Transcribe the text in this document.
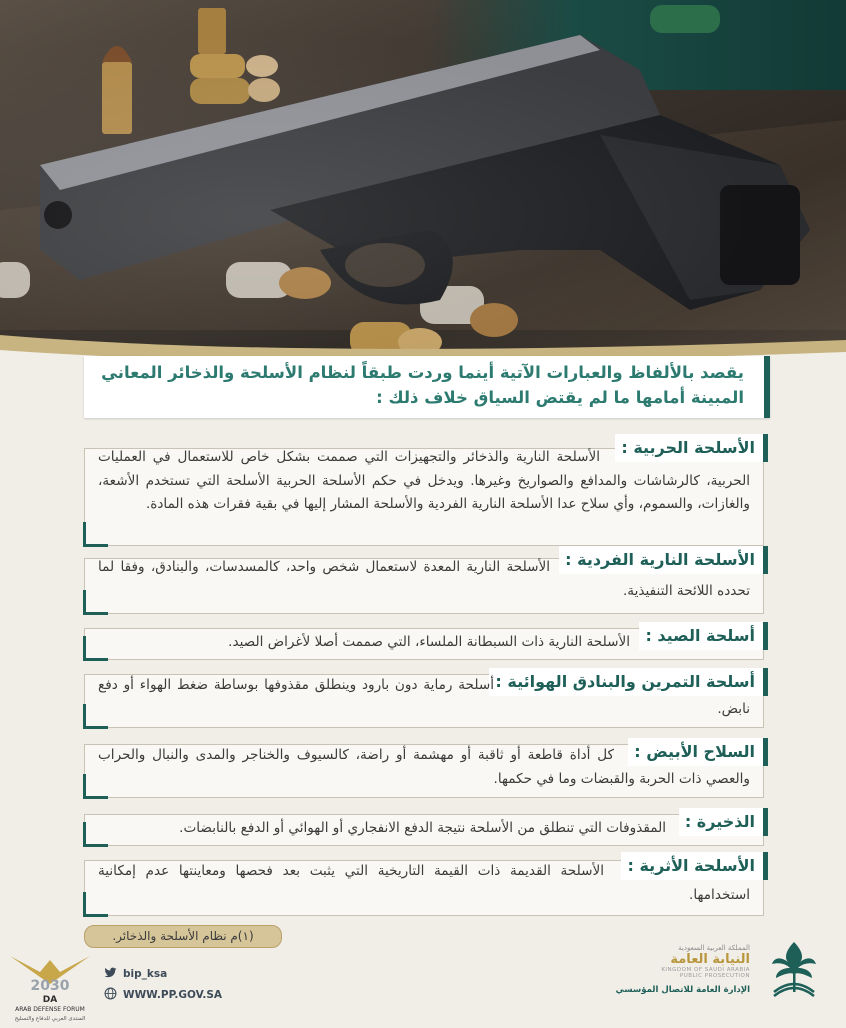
يقصد بالألفاظ والعبارات الآتية أينما وردت طبقاً لنظام الأسلحة والذخائر المعاني
المبينة أمامها ما لم يقتض السياق خلاف ذلك :
الأسلحة الحربية :
الأسلحة النارية والذخائر والتجهيزات التي صممت بشكل خاص للاستعمال في العمليات الحربية، كالرشاشات والمدافع والصواريخ وغيرها. ويدخل في حكم الأسلحة الحربية الأسلحة التي تستخدم الأشعة، والغازات، والسموم، وأي سلاح عدا الأسلحة النارية الفردية والأسلحة المشار إليها في بقية فقرات هذه المادة.
الأسلحة النارية الفردية :
الأسلحة النارية المعدة لاستعمال شخص واحد، كالمسدسات، والبنادق، وفقا لما تحدده اللائحة التنفيذية.
أسلحة الصيد :
الأسلحة النارية ذات السبطانة الملساء، التي صممت أصلا لأغراض الصيد.
أسلحة التمرين والبنادق الهوائية :
أسلحة رماية دون بارود وينطلق مقذوفها بوساطة ضغط الهواء أو دفع نابض.
السلاح الأبيض :
كل أداة قاطعة أو ثاقبة أو مهشمة أو راضة، كالسيوف والخناجر والمدى والنبال والحراب والعصي ذات الحربة والقبضات وما في حكمها.
الذخيرة :
المقذوفات التي تنطلق من الأسلحة نتيجة الدفع الانفجاري أو الهوائي أو الدفع بالنابضات.
الأسلحة الأثرية :
الأسلحة القديمة ذات القيمة التاريخية التي يثبت بعد فحصها ومعاينتها عدم إمكانية استخدامها.
(١)م نظام الأسلحة والذخائر.
2030
DA
ARAB DEFENSE FORUM
المنتدى العربي للدفاع والتسليح
bip_ksa
WWW.PP.GOV.SA
المملكة العربية السعودية
النيابة العامة
KINGDOM OF SAUDI ARABIA
PUBLIC PROSECUTION
الإدارة العامة للاتصال المؤسسي
